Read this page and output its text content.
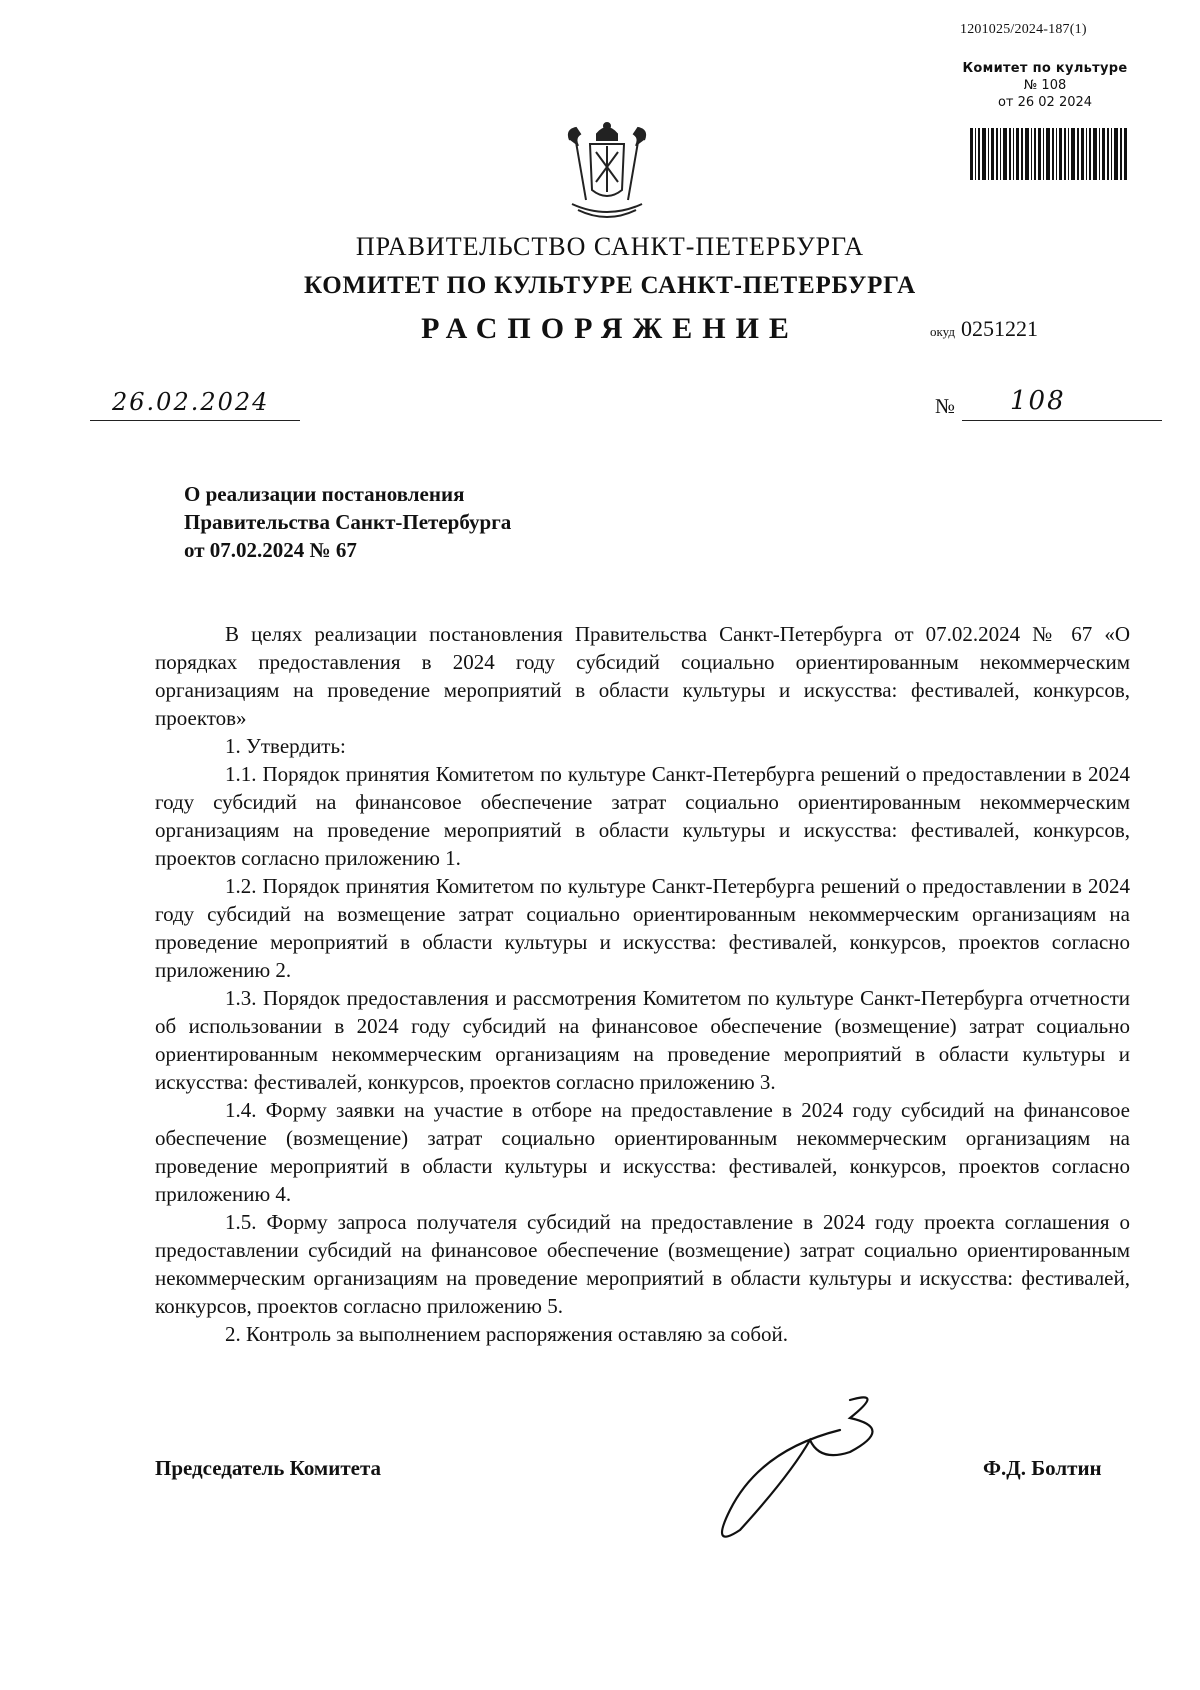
1201025/2024-187(1)
Комитет по культуре
№ 108
от 26 02 2024
ПРАВИТЕЛЬСТВО САНКТ-ПЕТЕРБУРГА
КОМИТЕТ ПО КУЛЬТУРЕ САНКТ-ПЕТЕРБУРГА
РАСПОРЯЖЕНИЕ	окуд 0251221
26.02.2024	№ 108
О реализации постановления
Правительства Санкт-Петербурга
от 07.02.2024 № 67

В целях реализации постановления Правительства Санкт-Петербурга от 07.02.2024 № 67 «О порядках предоставления в 2024 году субсидий социально ориентированным некоммерческим организациям на проведение мероприятий в области культуры и искусства: фестивалей, конкурсов, проектов»

1. Утвердить:

1.1. Порядок принятия Комитетом по культуре Санкт-Петербурга решений о предоставлении в 2024 году субсидий на финансовое обеспечение затрат социально ориентированным некоммерческим организациям на проведение мероприятий в области культуры и искусства: фестивалей, конкурсов, проектов согласно приложению 1.

1.2. Порядок принятия Комитетом по культуре Санкт-Петербурга решений о предоставлении в 2024 году субсидий на возмещение затрат социально ориентированным некоммерческим организациям на проведение мероприятий в области культуры и искусства: фестивалей, конкурсов, проектов согласно приложению 2.

1.3. Порядок предоставления и рассмотрения Комитетом по культуре Санкт-Петербурга отчетности об использовании в 2024 году субсидий на финансовое обеспечение (возмещение) затрат социально ориентированным некоммерческим организациям на проведение мероприятий в области культуры и искусства: фестивалей, конкурсов, проектов согласно приложению 3.

1.4. Форму заявки на участие в отборе на предоставление в 2024 году субсидий на финансовое обеспечение (возмещение) затрат социально ориентированным некоммерческим организациям на проведение мероприятий в области культуры и искусства: фестивалей, конкурсов, проектов согласно приложению 4.

1.5. Форму запроса получателя субсидий на предоставление в 2024 году проекта соглашения о предоставлении субсидий на финансовое обеспечение (возмещение) затрат социально ориентированным некоммерческим организациям на проведение мероприятий в области культуры и искусства: фестивалей, конкурсов, проектов согласно приложению 5.

2. Контроль за выполнением распоряжения оставляю за собой.

Председатель Комитета	Ф.Д. Болтин
